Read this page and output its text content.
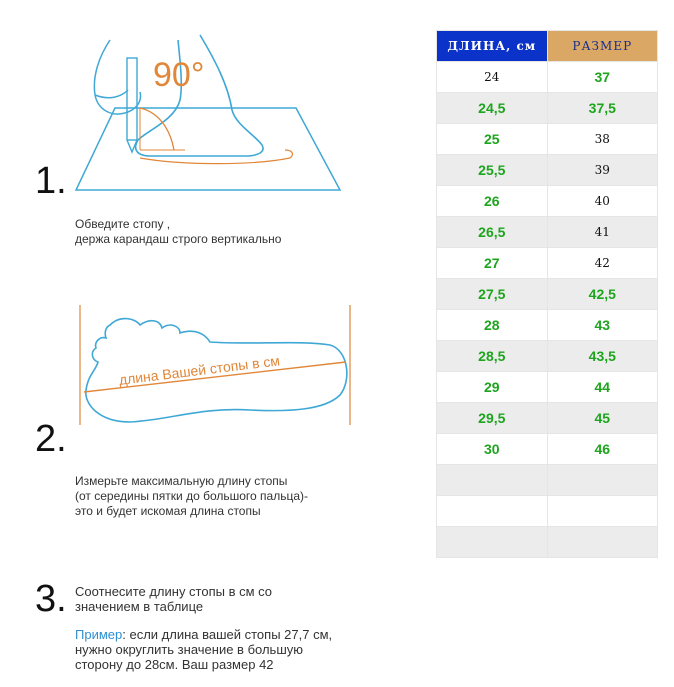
90°
1.
Обведите стопу ,
держа карандаш строго вертикально
длина Вашей стопы в см
2.
Измерьте максимальную длину стопы
(от середины пятки до большого пальца)-
это и будет искомая длина стопы
3. Соотнесите длину стопы в см со
значением в таблице
Пример: если длина вашей стопы 27,7 см,
нужно округлить значение в большую
сторону до 28см. Ваш размер 42
ДЛИНА, см	РАЗМЕР
24	37
24,5	37,5
25	38
25,5	39
26	40
26,5	41
27	42
27,5	42,5
28	43
28,5	43,5
29	44
29,5	45
30	46
